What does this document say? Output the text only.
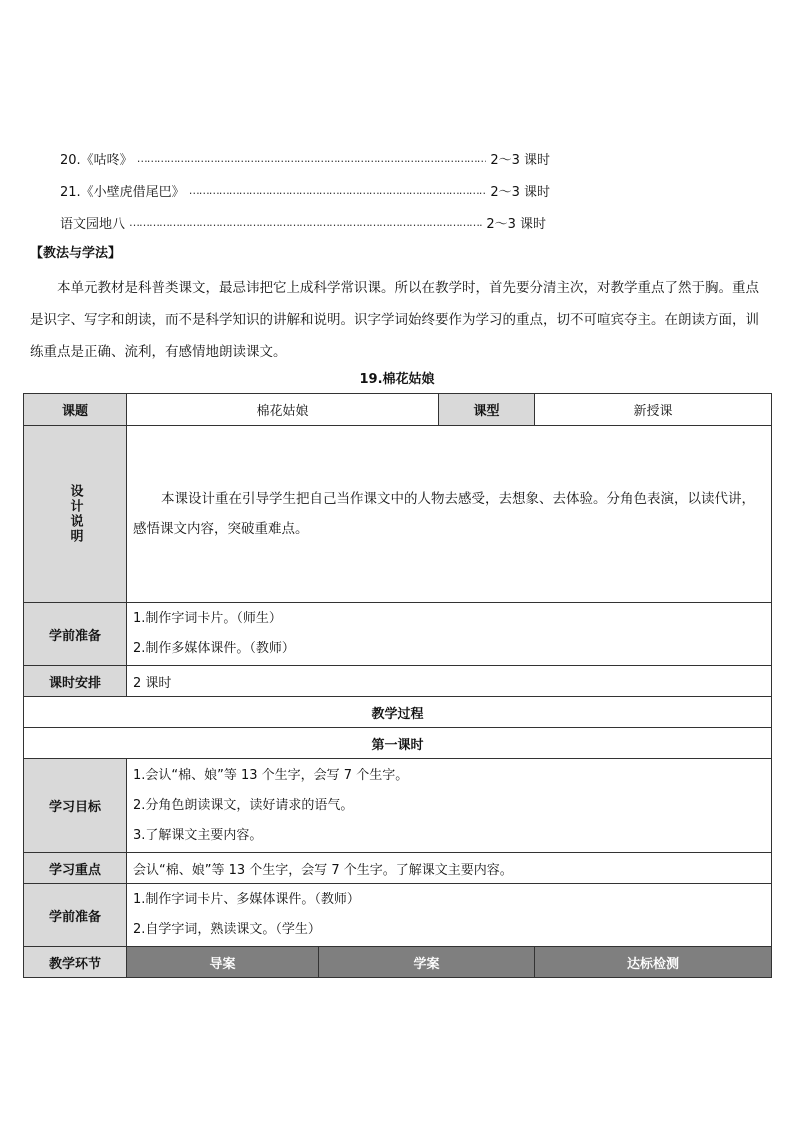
20.《咕咚》 ……………………………………………………………………………………………………………………………………………………	2～3 课时
21.《小壁虎借尾巴》 ……………………………………………………………………………………………………………………………………………………	2～3 课时
语文园地八 ……………………………………………………………………………………………………………………………………………………	2～3 课时
【教法与学法】
本单元教材是科普类课文，最忌讳把它上成科学常识课。所以在教学时，首先要分清主次，对教学重点了然于胸。重点是识字、写字和朗读，而不是科学知识的讲解和说明。识字学词始终要作为学习的重点，切不可喧宾夺主。在朗读方面，训练重点是正确、流利，有感情地朗读课文。
19.棉花姑娘
课题	棉花姑娘		课型	新授课

设计说明	本课设计重在引导学生把自己当作课文中的人物去感受，去想象、去体验。分角色表演，以读代讲，感悟课文内容，突破重难点。			
学前准备	1.制作字词卡片。（师生）
2.制作多媒体课件。（教师）			

课时安排	2 课时			
教学过程				
第一课时				
学习目标	1.会认“棉、娘”等 13 个生字，会写 7 个生字。
2.分角色朗读课文，读好请求的语气。
3.了解课文主要内容。			

学习重点	会认“棉、娘”等 13 个生字，会写 7 个生字。了解课文主要内容。			
学前准备	1.制作字词卡片、多媒体课件。（教师）
2.自学字词，熟读课文。（学生）			

教学环节	导案	学案		达标检测
